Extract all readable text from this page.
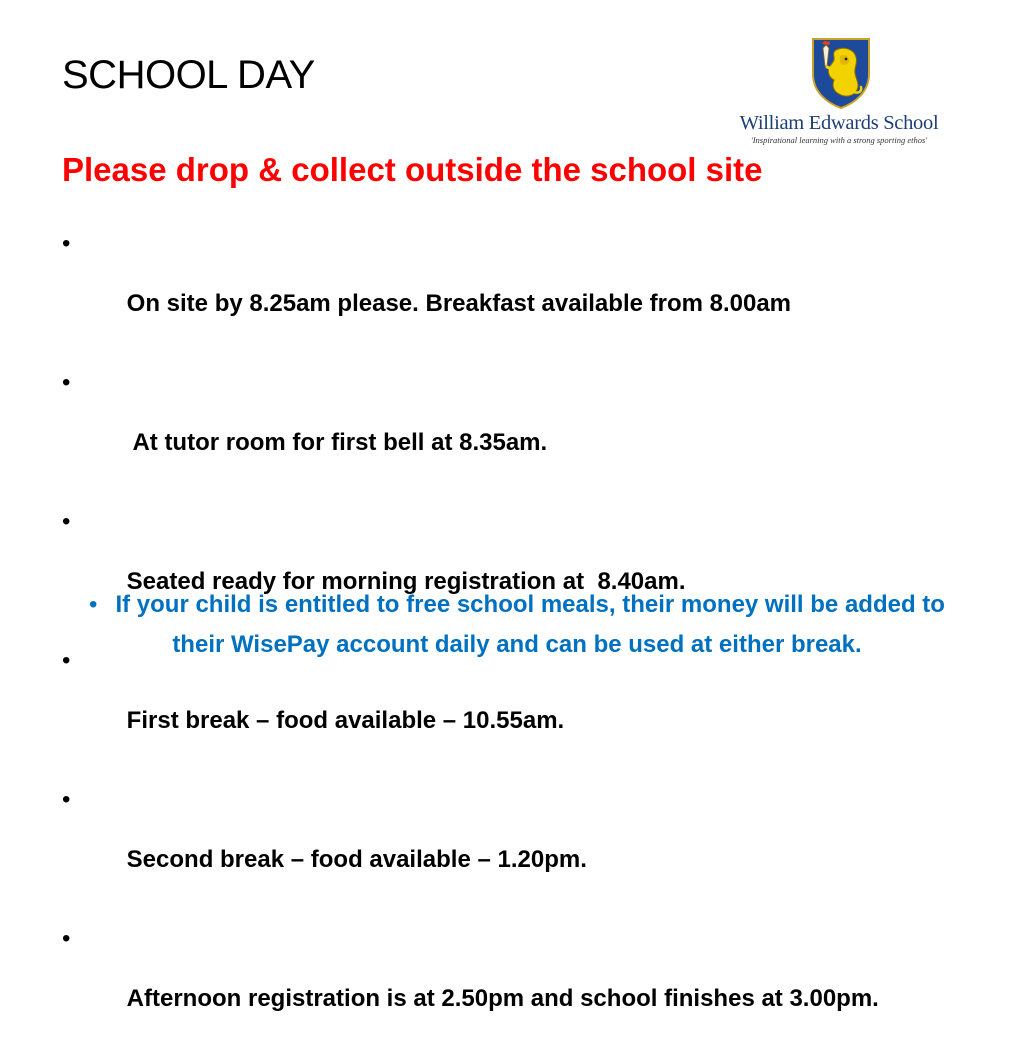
SCHOOL DAY
William Edwards School
'Inspirational learning with a strong sporting ethos'
Please drop & collect outside the school site

•

On site by 8.25am please. Breakfast available from 8.00am

•

At tutor room for first bell at 8.35am.

•

Seated ready for morning registration at  8.40am.

•

First break – food available – 10.55am.

•

Second break – food available – 1.20pm.

•

Afternoon registration is at 2.50pm and school finishes at 3.00pm.

• If your child is entitled to free school meals, their money will be added to their WisePay account daily and can be used at either break.
